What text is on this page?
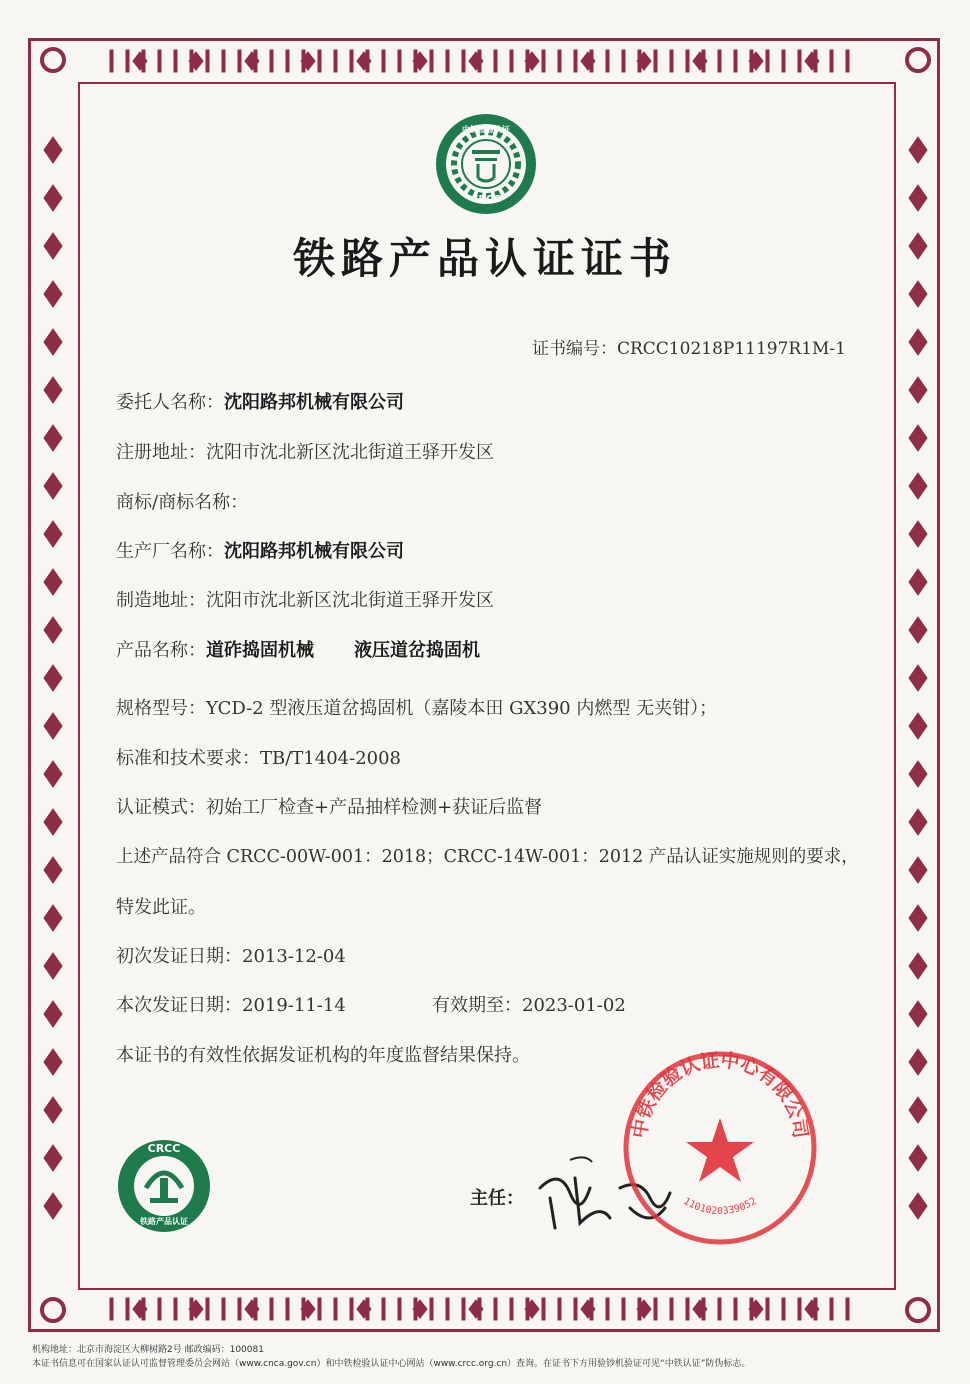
中铁检验认证
CRCC
铁路产品认证证书
证书编号：CRCC10218P11197R1M-1
委托人名称：沈阳路邦机械有限公司
注册地址：沈阳市沈北新区沈北街道王驿开发区
商标/商标名称：
生产厂名称：沈阳路邦机械有限公司
制造地址：沈阳市沈北新区沈北街道王驿开发区
产品名称：道砟捣固机械 液压道岔捣固机
规格型号：YCD-2 型液压道岔捣固机（嘉陵本田 GX390 内燃型 无夹钳）；
标准和技术要求：TB/T1404-2008
认证模式：初始工厂检查+产品抽样检测+获证后监督
上述产品符合 CRCC-00W-001：2018；CRCC-14W-001：2012 产品认证实施规则的要求，
特发此证。
初次发证日期：2013-12-04
本次发证日期：2019-11-14	有效期至：2023-01-02
本证书的有效性依据发证机构的年度监督结果保持。
CRCC
铁路产品认证
主任：
中铁检验认证中心有限公司
1101020339052
机构地址：北京市海淀区大柳树路2号 邮政编码：100081
本证书信息可在国家认证认可监督管理委员会网站（www.cnca.gov.cn）和中铁检验认证中心网站（www.crcc.org.cn）查询。在证书下方用验钞机验证可见“中铁认证”防伪标志。
